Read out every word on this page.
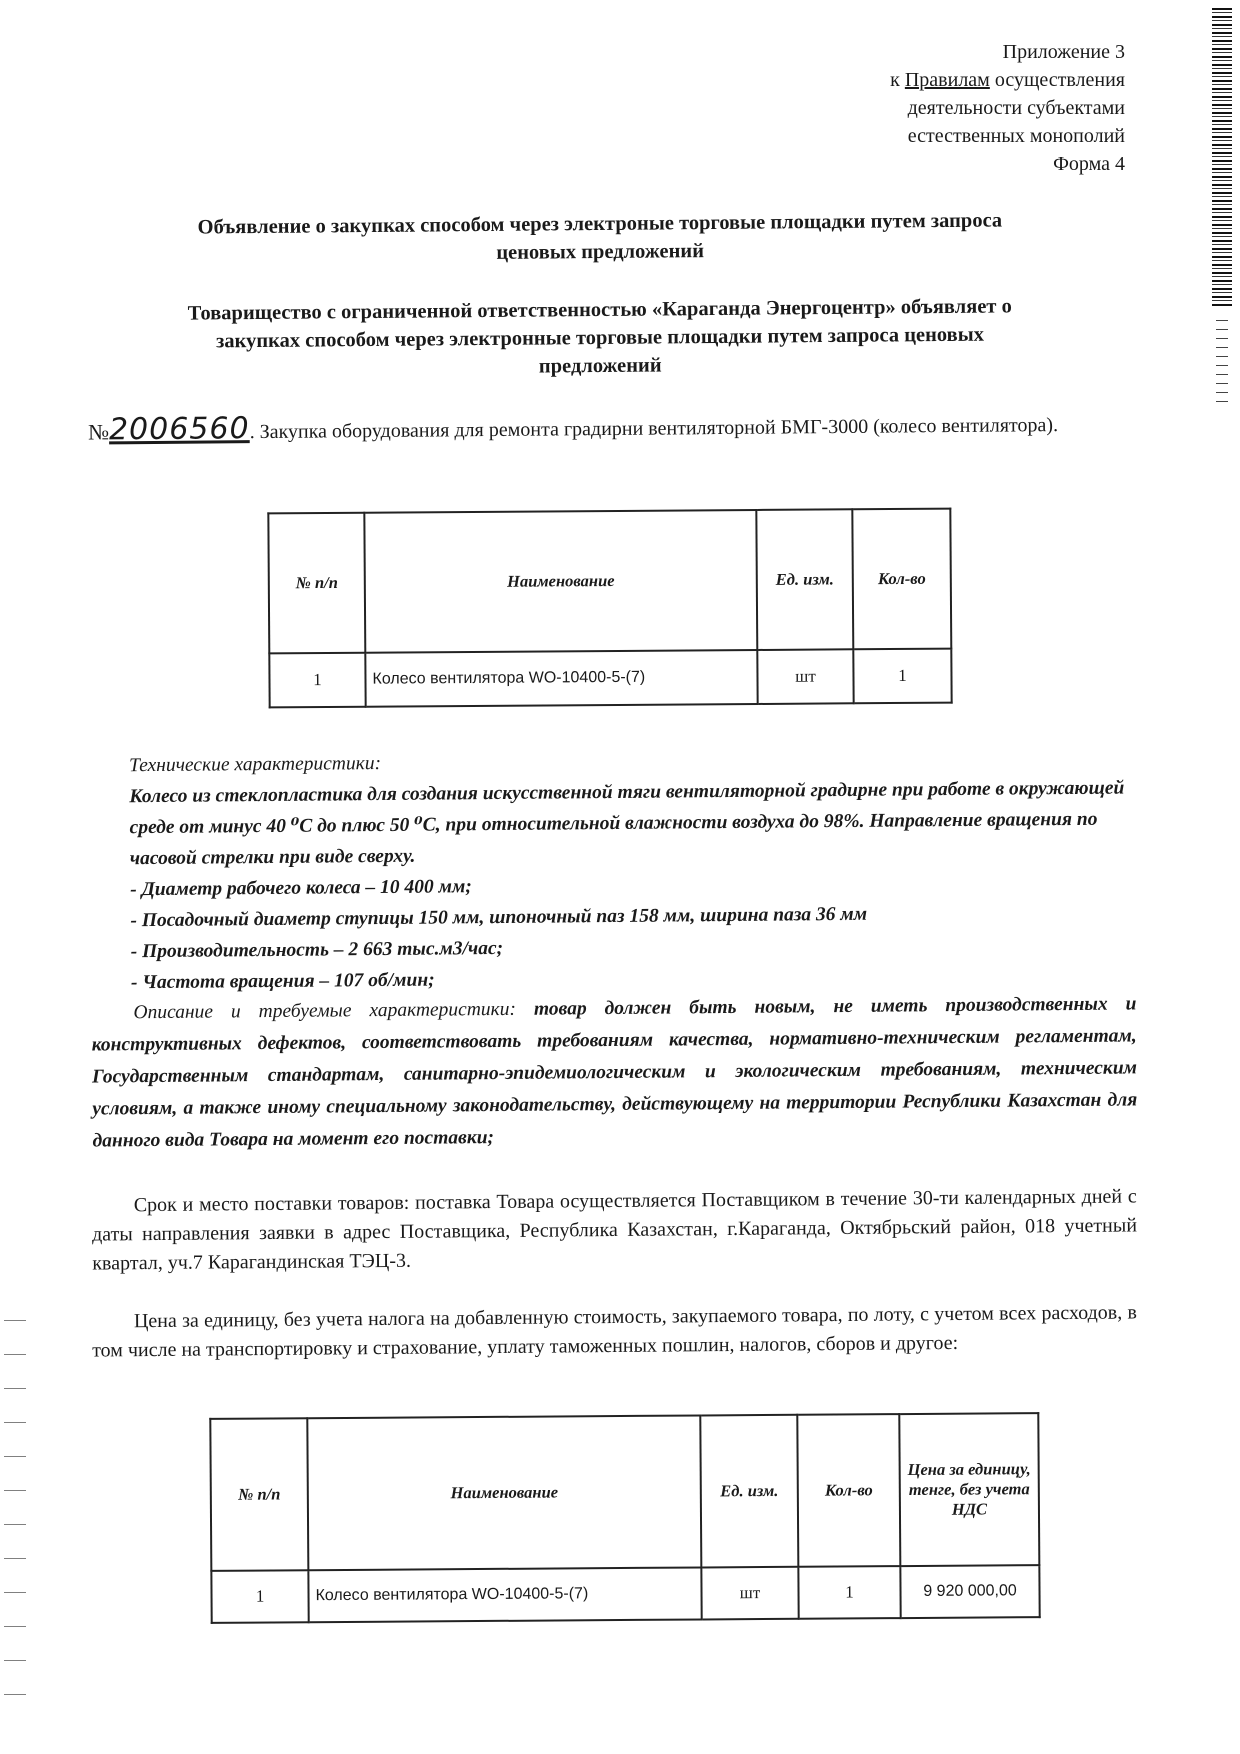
Приложение 3
к Правилам осуществления
деятельности субъектами
естественных монополий
Форма 4
Объявление о закупках способом через электроные торговые площадки путем запроса
ценовых предложений
Товарищество с ограниченной ответственностью «Караганда Энергоцентр» объявляет о
закупках способом через электронные торговые площадки путем запроса ценовых
предложений
№2006560. Закупка оборудования для ремонта градирни вентиляторной БМГ-3000 (колесо вентилятора).
№ п/п	Наименование	Ед. изм.	Кол-во
1	Колесо вентилятора WO-10400-5-(7)	шт	1
Технические характеристики:
Колесо из стеклопластика для создания искусственной тяги вентиляторной градирне при работе в окружающей среде от минус 40 ⁰С до плюс 50 ⁰С, при относительной влажности воздуха до 98%. Направление вращения по часовой стрелки при виде сверху.
- Диаметр рабочего колеса – 10 400 мм;
- Посадочный диаметр ступицы 150 мм, шпоночный паз 158 мм, ширина паза 36 мм
- Производительность – 2 663 тыс.м3/час;
- Частота вращения – 107 об/мин;
Описание и требуемые характеристики: товар должен быть новым, не иметь производственных и конструктивных дефектов, соответствовать требованиям качества, нормативно-техническим регламентам, Государственным стандартам, санитарно-эпидемиологическим и экологическим требованиям, техническим условиям, а также иному специальному законодательству, действующему на территории Республики Казахстан для данного вида Товара на момент его поставки;
Срок и место поставки товаров: поставка Товара осуществляется Поставщиком в течение 30-ти календарных дней с даты направления заявки в адрес Поставщика, Республика Казахстан, г.Караганда, Октябрьский район, 018 учетный квартал, уч.7 Карагандинская ТЭЦ-3.
Цена за единицу, без учета налога на добавленную стоимость, закупаемого товара, по лоту, с учетом всех расходов, в том числе на транспортировку и страхование, уплату таможенных пошлин, налогов, сборов и другое:
№ п/п	Наименование	Ед. изм.	Кол-во	Цена за единицу, тенге, без учета НДС
1	Колесо вентилятора WO-10400-5-(7)	шт	1	9 920 000,00
